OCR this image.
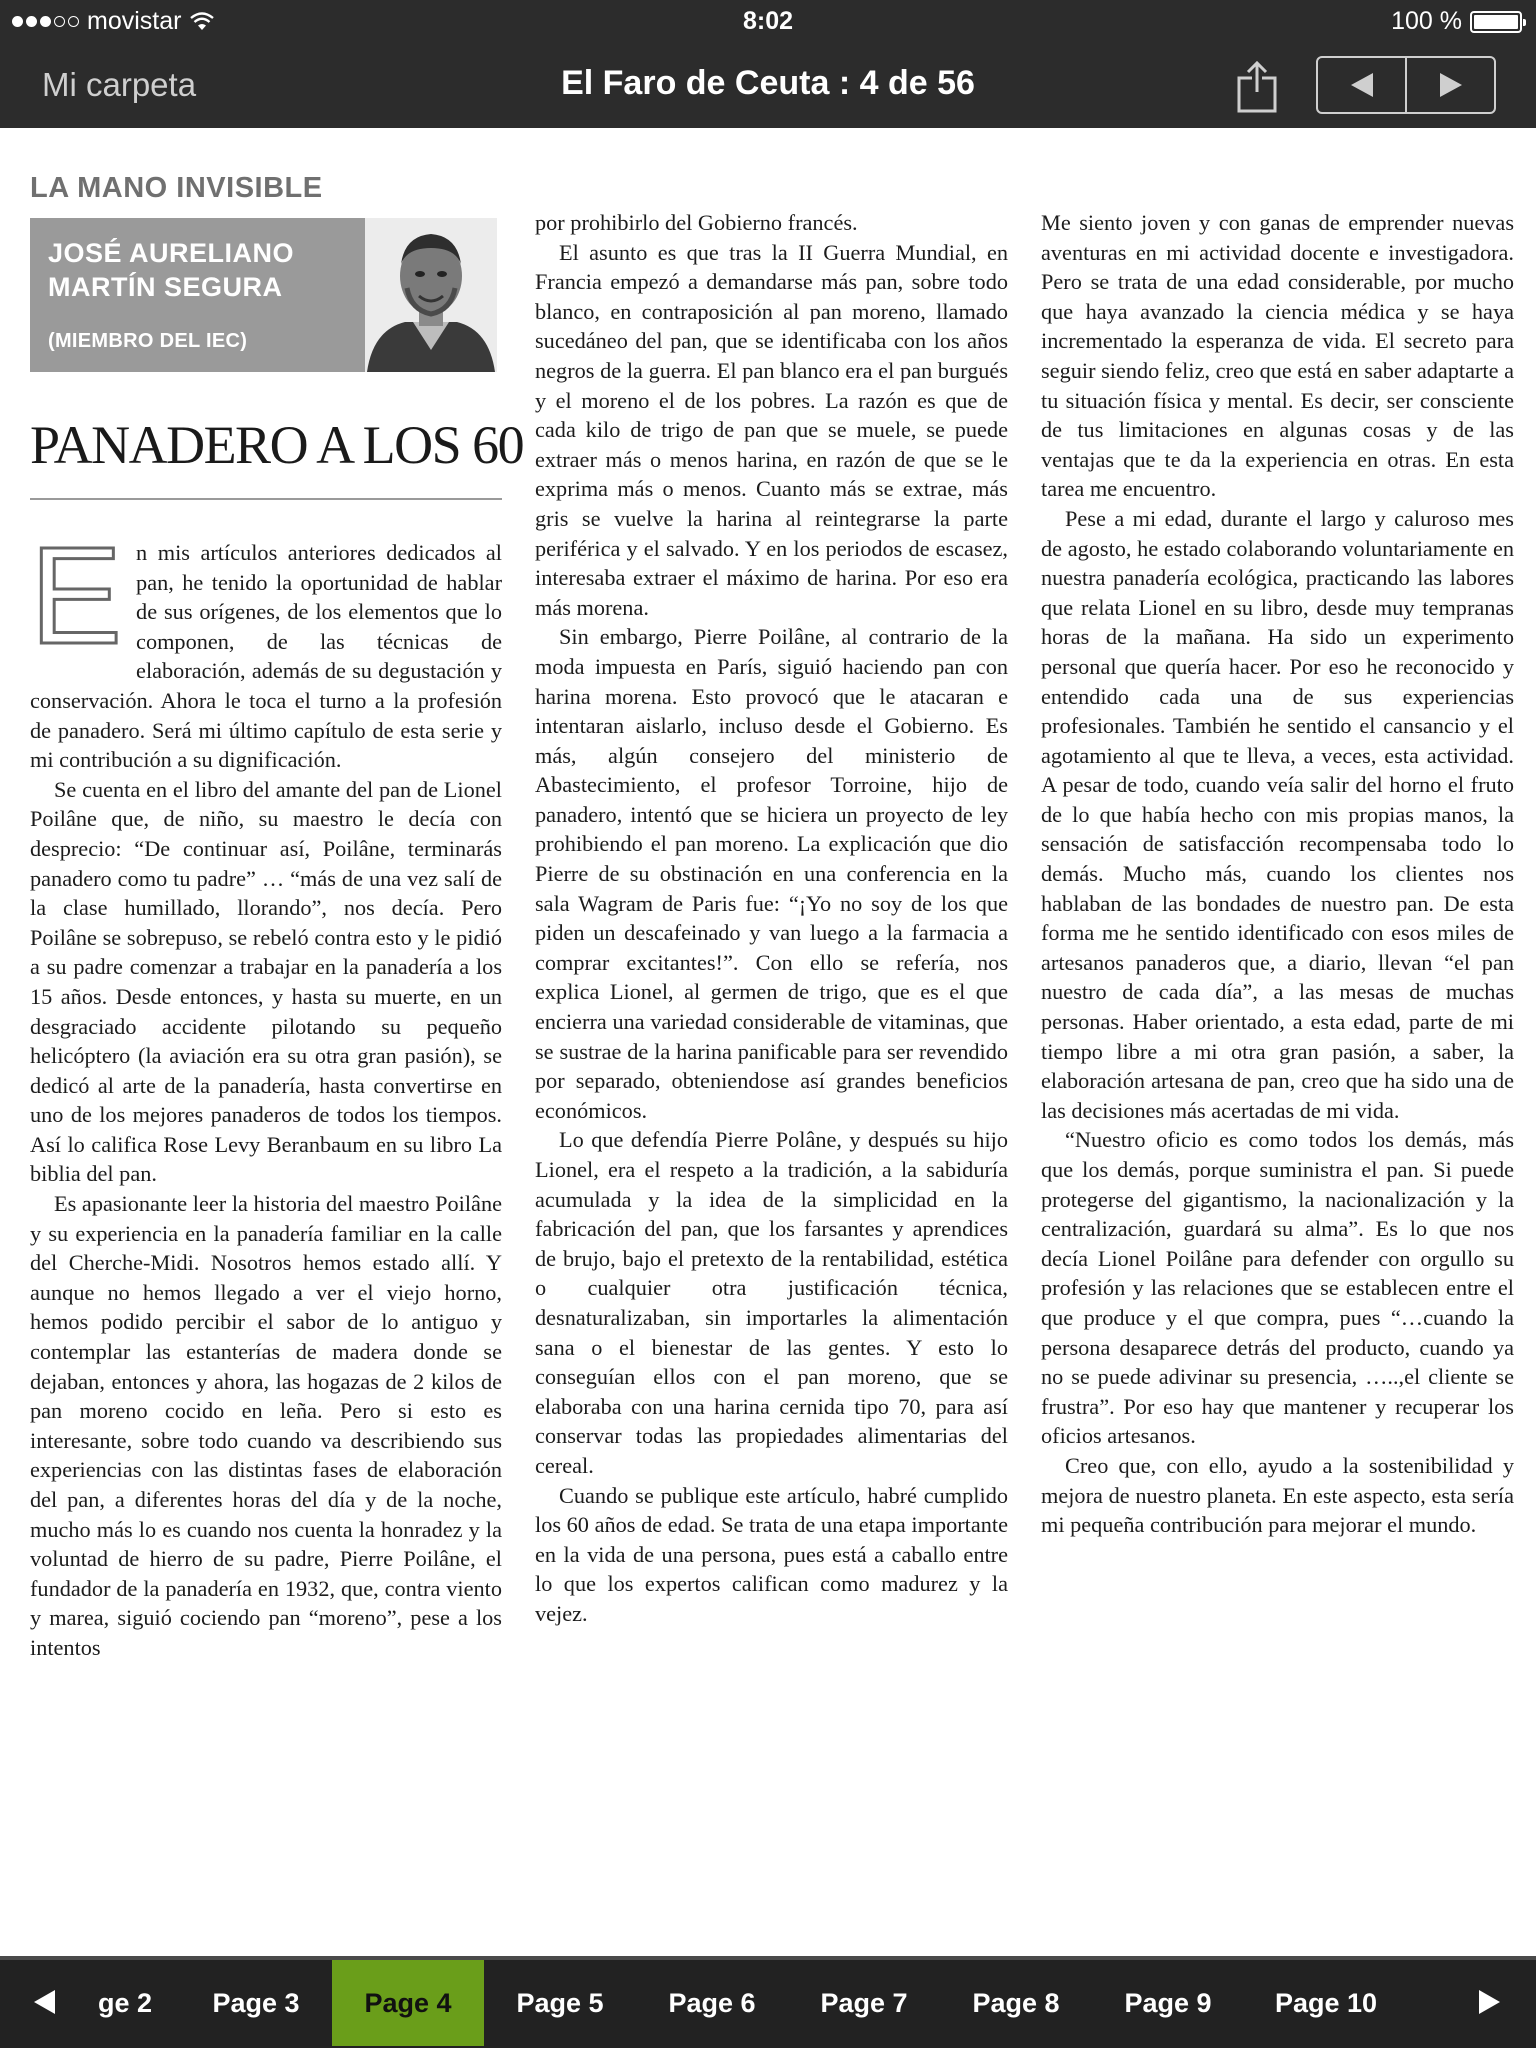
movistar	8:02	100 %
Mi carpeta	El Faro de Ceuta : 4 de 56
LA MANO INVISIBLE
JOSÉ AURELIANO
MARTÍN SEGURA
(MIEMBRO DEL IEC)
PANADERO A LOS 60

En mis artículos anteriores dedicados al pan, he tenido la oportunidad de hablar de sus orígenes, de los elementos que lo componen, de las técnicas de elaboración, además de su degustación y conservación. Ahora le toca el turno a la profesión de panadero. Será mi último capítulo de esta serie y mi contribución a su dignificación.

Se cuenta en el libro del amante del pan de Lionel Poilâne que, de niño, su maestro le decía con desprecio: “De continuar así, Poilâne, terminarás panadero como tu padre” … “más de una vez salí de la clase humillado, llorando”, nos decía. Pero Poilâne se sobrepuso, se rebeló contra esto y le pidió a su padre comenzar a trabajar en la panadería a los 15 años. Desde entonces, y hasta su muerte, en un desgraciado accidente pilotando su pequeño helicóptero (la aviación era su otra gran pasión), se dedicó al arte de la panadería, hasta convertirse en uno de los mejores panaderos de todos los tiempos. Así lo califica Rose Levy Beranbaum en su libro La biblia del pan.

Es apasionante leer la historia del maestro Poilâne y su experiencia en la panadería familiar en la calle del Cherche-Midi. Nosotros hemos estado allí. Y aunque no hemos llegado a ver el viejo horno, hemos podido percibir el sabor de lo antiguo y contemplar las estanterías de madera donde se dejaban, entonces y ahora, las hogazas de 2 kilos de pan moreno cocido en leña. Pero si esto es interesante, sobre todo cuando va describiendo sus experiencias con las distintas fases de elaboración del pan, a diferentes horas del día y de la noche, mucho más lo es cuando nos cuenta la honradez y la voluntad de hierro de su padre, Pierre Poilâne, el fundador de la panadería en 1932, que, contra viento y marea, siguió cociendo pan “moreno”, pese a los intentos

por prohibirlo del Gobierno francés.

El asunto es que tras la II Guerra Mundial, en Francia empezó a demandarse más pan, sobre todo blanco, en contraposición al pan moreno, llamado sucedáneo del pan, que se identificaba con los años negros de la guerra. El pan blanco era el pan burgués y el moreno el de los pobres. La razón es que de cada kilo de trigo de pan que se muele, se puede extraer más o menos harina, en razón de que se le exprima más o menos. Cuanto más se extrae, más gris se vuelve la harina al reintegrarse la parte periférica y el salvado. Y en los periodos de escasez, interesaba extraer el máximo de harina. Por eso era más morena.

Sin embargo, Pierre Poilâne, al contrario de la moda impuesta en París, siguió haciendo pan con harina morena. Esto provocó que le atacaran e intentaran aislarlo, incluso desde el Gobierno. Es más, algún consejero del ministerio de Abastecimiento, el profesor Torroine, hijo de panadero, intentó que se hiciera un proyecto de ley prohibiendo el pan moreno. La explicación que dio Pierre de su obstinación en una conferencia en la sala Wagram de Paris fue: “¡Yo no soy de los que piden un descafeinado y van luego a la farmacia a comprar excitantes!”. Con ello se refería, nos explica Lionel, al germen de trigo, que es el que encierra una variedad considerable de vitaminas, que se sustrae de la harina panificable para ser revendido por separado, obteniendose así grandes beneficios económicos.

Lo que defendía Pierre Polâne, y después su hijo Lionel, era el respeto a la tradición, a la sabiduría acumulada y la idea de la simplicidad en la fabricación del pan, que los farsantes y aprendices de brujo, bajo el pretexto de la rentabilidad, estética o cualquier otra justificación técnica, desnaturalizaban, sin importarles la alimentación sana o el bienestar de las gentes. Y esto lo conseguían ellos con el pan moreno, que se elaboraba con una harina cernida tipo 70, para así conservar todas las propiedades alimentarias del cereal.

Cuando se publique este artículo, habré cumplido los 60 años de edad. Se trata de una etapa importante en la vida de una persona, pues está a caballo entre lo que los expertos califican como madurez y la vejez.

Me siento joven y con ganas de emprender nuevas aventuras en mi actividad docente e investigadora. Pero se trata de una edad considerable, por mucho que haya avanzado la ciencia médica y se haya incrementado la esperanza de vida. El secreto para seguir siendo feliz, creo que está en saber adaptarte a tu situación física y mental. Es decir, ser consciente de tus limitaciones en algunas cosas y de las ventajas que te da la experiencia en otras. En esta tarea me encuentro.

Pese a mi edad, durante el largo y caluroso mes de agosto, he estado colaborando voluntariamente en nuestra panadería ecológica, practicando las labores que relata Lionel en su libro, desde muy tempranas horas de la mañana. Ha sido un experimento personal que quería hacer. Por eso he reconocido y entendido cada una de sus experiencias profesionales. También he sentido el cansancio y el agotamiento al que te lleva, a veces, esta actividad. A pesar de todo, cuando veía salir del horno el fruto de lo que había hecho con mis propias manos, la sensación de satisfacción recompensaba todo lo demás. Mucho más, cuando los clientes nos hablaban de las bondades de nuestro pan. De esta forma me he sentido identificado con esos miles de artesanos panaderos que, a diario, llevan “el pan nuestro de cada día”, a las mesas de muchas personas. Haber orientado, a esta edad, parte de mi tiempo libre a mi otra gran pasión, a saber, la elaboración artesana de pan, creo que ha sido una de las decisiones más acertadas de mi vida.

“Nuestro oficio es como todos los demás, más que los demás, porque suministra el pan. Si puede protegerse del gigantismo, la nacionalización y la centralización, guardará su alma”. Es lo que nos decía Lionel Poilâne para defender con orgullo su profesión y las relaciones que se establecen entre el que produce y el que compra, pues “…cuando la persona desaparece detrás del producto, cuando ya no se puede adivinar su presencia, …..,el cliente se frustra”. Por eso hay que mantener y recuperar los oficios artesanos.

Creo que, con ello, ayudo a la sostenibilidad y mejora de nuestro planeta. En este aspecto, esta sería mi pequeña contribución para mejorar el mundo.

ge 2	Page 3	Page 4	Page 5	Page 6	Page 7	Page 8	Page 9	Page 10
